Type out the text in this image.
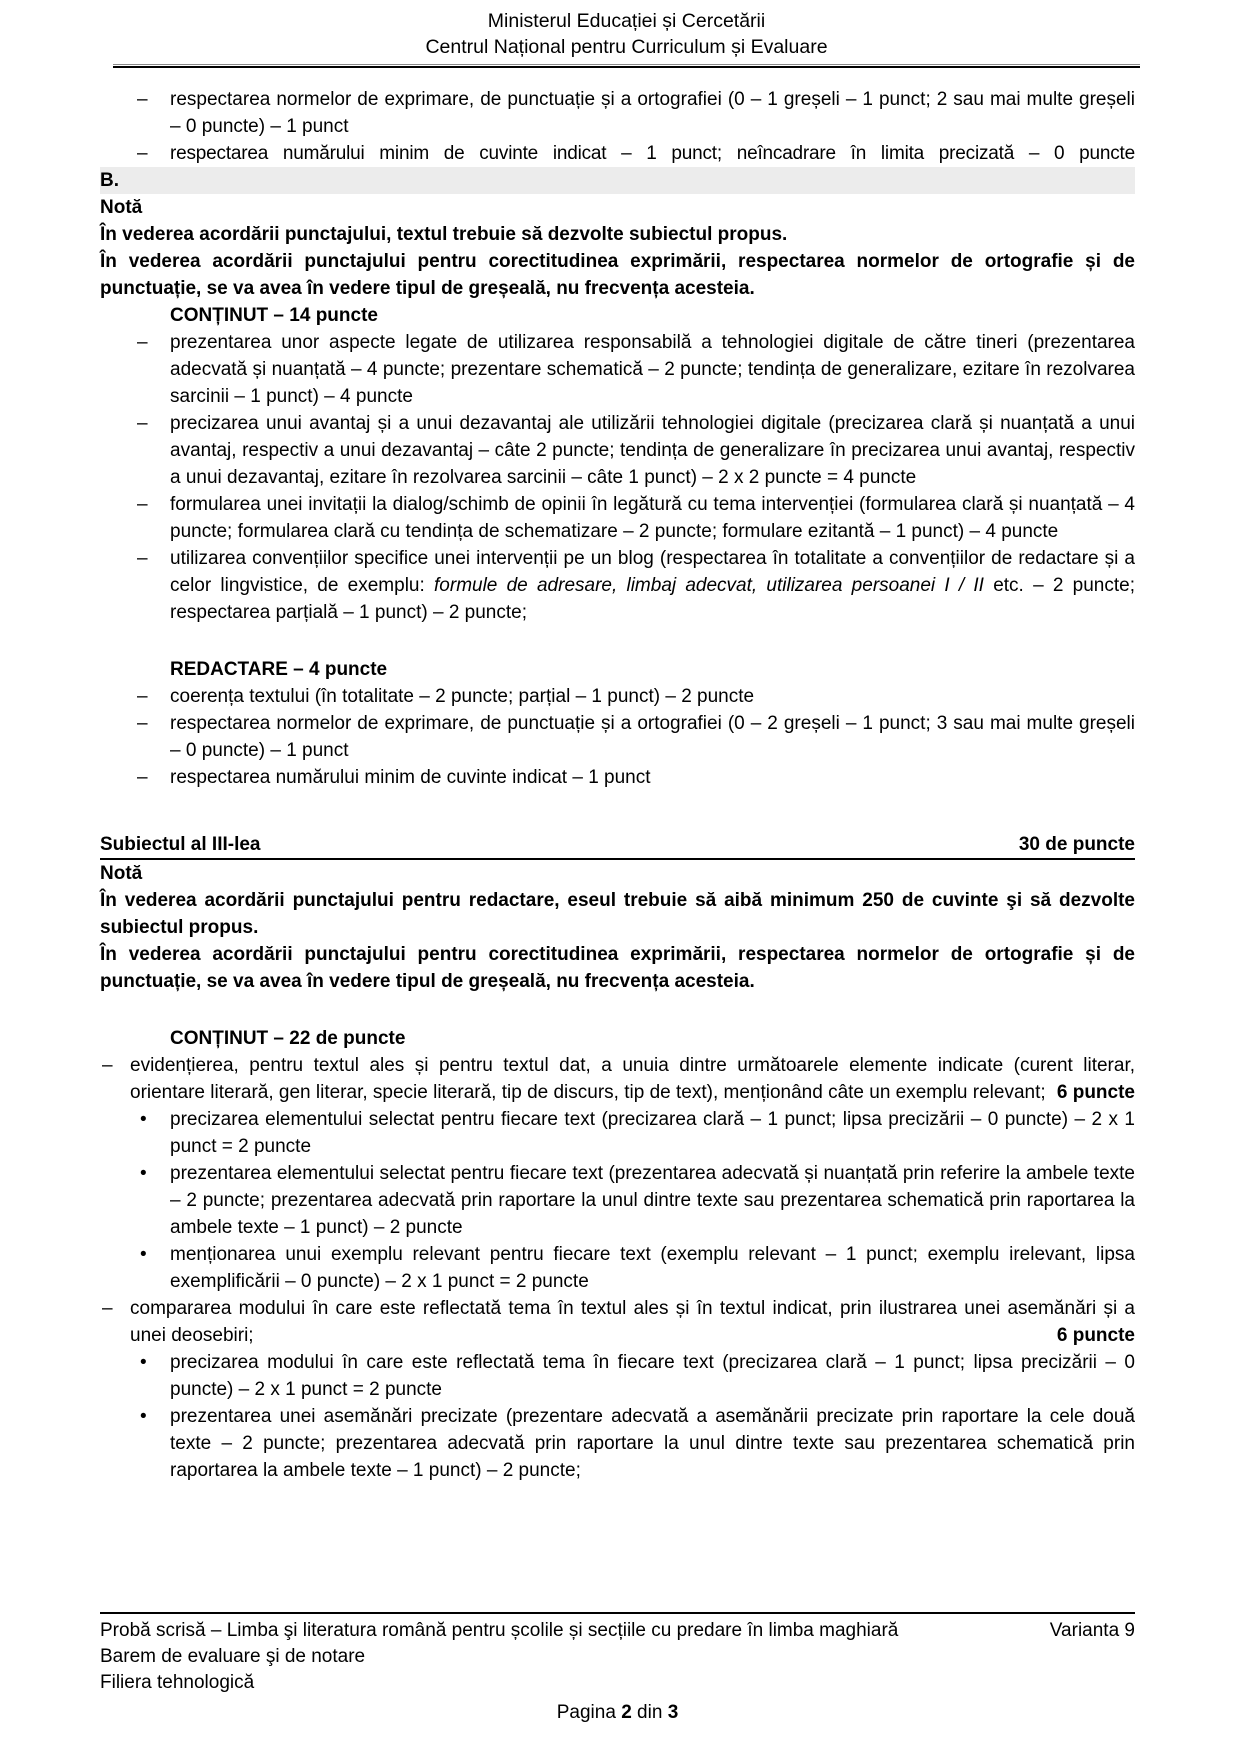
Ministerul Educației și Cercetării
Centrul Național pentru Curriculum și Evaluare
– respectarea normelor de exprimare, de punctuație și a ortografiei (0 – 1 greșeli – 1 punct; 2 sau mai multe greșeli – 0 puncte) – 1 punct
– respectarea numărului minim de cuvinte indicat – 1 punct; neîncadrare în limita precizată – 0 puncte
B.
Notă
În vederea acordării punctajului, textul trebuie să dezvolte subiectul propus.
În vederea acordării punctajului pentru corectitudinea exprimării, respectarea normelor de ortografie și de punctuație, se va avea în vedere tipul de greșeală, nu frecvența acesteia.
CONȚINUT – 14 puncte
– prezentarea unor aspecte legate de utilizarea responsabilă a tehnologiei digitale de către tineri (prezentarea adecvată și nuanțată – 4 puncte; prezentare schematică – 2 puncte; tendința de generalizare, ezitare în rezolvarea sarcinii – 1 punct) – 4 puncte
– precizarea unui avantaj și a unui dezavantaj ale utilizării tehnologiei digitale (precizarea clară și nuanțată a unui avantaj, respectiv a unui dezavantaj – câte 2 puncte; tendința de generalizare în precizarea unui avantaj, respectiv a unui dezavantaj, ezitare în rezolvarea sarcinii – câte 1 punct) – 2 x 2 puncte = 4 puncte
– formularea unei invitații la dialog/schimb de opinii în legătură cu tema intervenției (formularea clară și nuanțată – 4 puncte; formularea clară cu tendința de schematizare – 2 puncte; formulare ezitantă – 1 punct) – 4 puncte
– utilizarea convențiilor specifice unei intervenții pe un blog (respectarea în totalitate a convențiilor de redactare și a celor lingvistice, de exemplu: formule de adresare, limbaj adecvat, utilizarea persoanei I / II etc. – 2 puncte; respectarea parțială – 1 punct) – 2 puncte;
REDACTARE – 4 puncte
– coerența textului (în totalitate – 2 puncte; parțial – 1 punct) – 2 puncte
– respectarea normelor de exprimare, de punctuație și a ortografiei (0 – 2 greșeli – 1 punct; 3 sau mai multe greșeli – 0 puncte) – 1 punct
– respectarea numărului minim de cuvinte indicat – 1 punct
Subiectul al III-lea	30 de puncte
Notă
În vederea acordării punctajului pentru redactare, eseul trebuie să aibă minimum 250 de cuvinte şi să dezvolte subiectul propus.
În vederea acordării punctajului pentru corectitudinea exprimării, respectarea normelor de ortografie și de punctuație, se va avea în vedere tipul de greșeală, nu frecvența acesteia.
CONȚINUT – 22 de puncte
– evidențierea, pentru textul ales și pentru textul dat, a unuia dintre următoarele elemente indicate (curent literar, orientare literară, gen literar, specie literară, tip de discurs, tip de text), menționând câte un exemplu relevant; 6 puncte
• precizarea elementului selectat pentru fiecare text (precizarea clară – 1 punct; lipsa precizării – 0 puncte) – 2 x 1 punct = 2 puncte
• prezentarea elementului selectat pentru fiecare text (prezentarea adecvată și nuanțată prin referire la ambele texte – 2 puncte; prezentarea adecvată prin raportare la unul dintre texte sau prezentarea schematică prin raportarea la ambele texte – 1 punct) – 2 puncte
• menționarea unui exemplu relevant pentru fiecare text (exemplu relevant – 1 punct; exemplu irelevant, lipsa exemplificării – 0 puncte) – 2 x 1 punct = 2 puncte
– compararea modului în care este reflectată tema în textul ales și în textul indicat, prin ilustrarea unei asemănări și a unei deosebiri;	6 puncte
• precizarea modului în care este reflectată tema în fiecare text (precizarea clară – 1 punct; lipsa precizării – 0 puncte) – 2 x 1 punct = 2 puncte
• prezentarea unei asemănări precizate (prezentare adecvată a asemănării precizate prin raportare la cele două texte – 2 puncte; prezentarea adecvată prin raportare la unul dintre texte sau prezentarea schematică prin raportarea la ambele texte – 1 punct) – 2 puncte;
Probă scrisă – Limba şi literatura română pentru școlile și secțiile cu predare în limba maghiară	Varianta 9
Barem de evaluare şi de notare
Filiera tehnologică
Pagina 2 din 3
